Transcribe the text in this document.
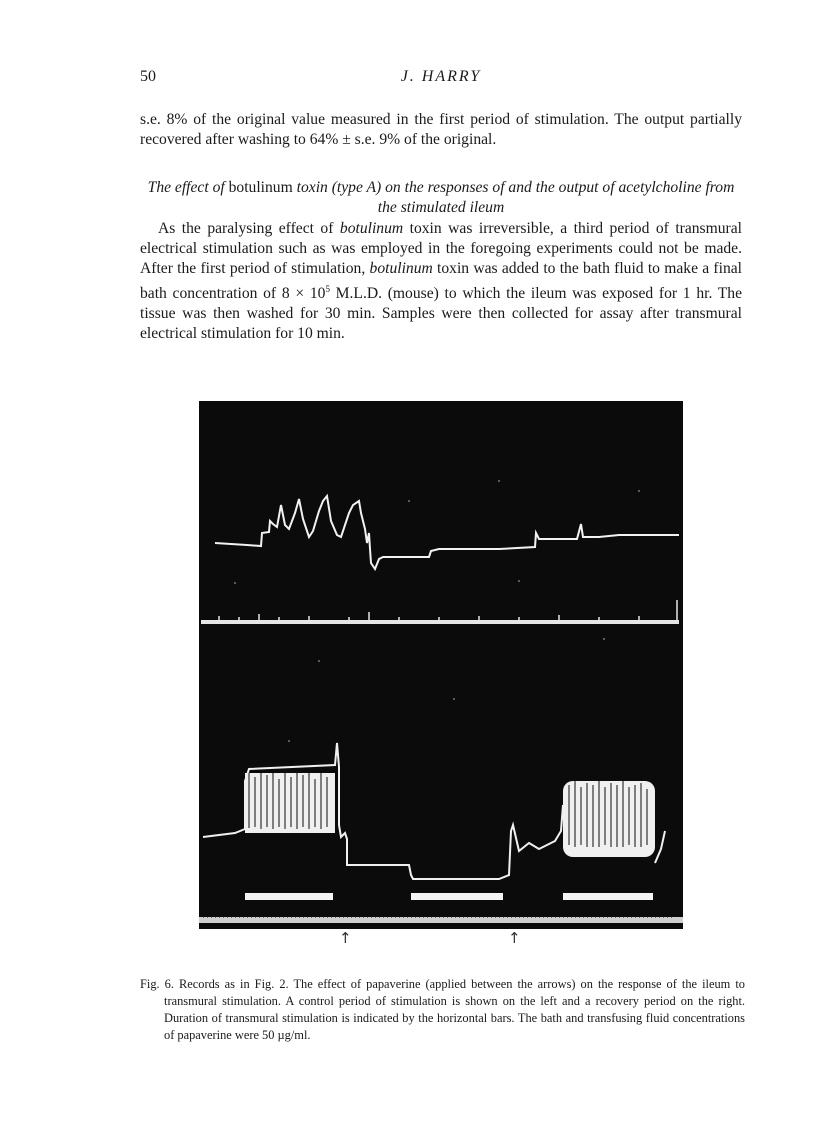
50	J. HARRY

s.e. 8% of the original value measured in the first period of stimulation. The output partially recovered after washing to 64% ± s.e. 9% of the original.

The effect of botulinum toxin (type A) on the responses of and the output of acetylcholine from the stimulated ileum

As the paralysing effect of botulinum toxin was irreversible, a third period of transmural electrical stimulation such as was employed in the foregoing experiments could not be made. After the first period of stimulation, botulinum toxin was added to the bath fluid to make a final bath concentration of $8 \times 10^5$ M.L.D. (mouse) to which the ileum was exposed for 1 hr. The tissue was then washed for 30 min. Samples were then collected for assay after transmural electrical stimulation for 10 min.

↑	↑

Fig. 6. Records as in Fig. 2. The effect of papaverine (applied between the arrows) on the response of the ileum to transmural stimulation. A control period of stimulation is shown on the left and a recovery period on the right. Duration of transmural stimulation is indicated by the horizontal bars. The bath and transfusing fluid concentrations of papaverine were 50 µg/ml.
